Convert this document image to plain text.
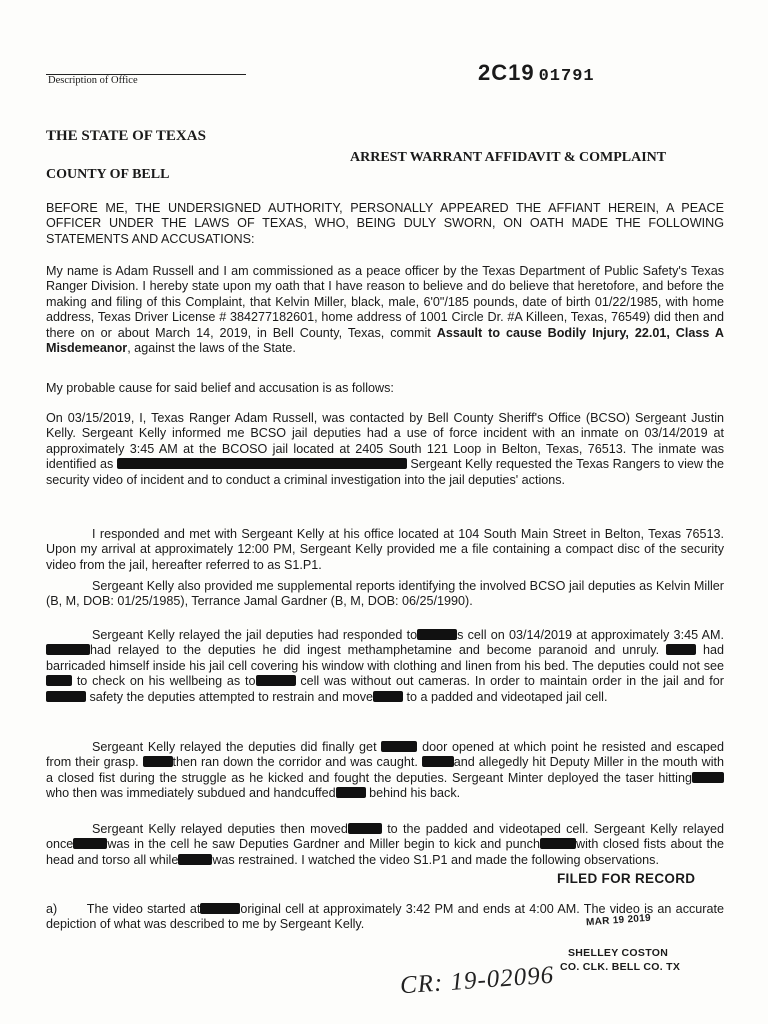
Description of Office	2C19 01791
THE STATE OF TEXAS
ARREST WARRANT AFFIDAVIT & COMPLAINT
COUNTY OF BELL

BEFORE ME, THE UNDERSIGNED AUTHORITY, PERSONALLY APPEARED THE AFFIANT HEREIN, A PEACE OFFICER UNDER THE LAWS OF TEXAS, WHO, BEING DULY SWORN, ON OATH MADE THE FOLLOWING STATEMENTS AND ACCUSATIONS:

My name is Adam Russell and I am commissioned as a peace officer by the Texas Department of Public Safety's Texas Ranger Division. I hereby state upon my oath that I have reason to believe and do believe that heretofore, and before the making and filing of this Complaint, that Kelvin Miller, black, male, 6'0"/185 pounds, date of birth 01/22/1985, with home address, Texas Driver License # 384277182601, home address of 1001 Circle Dr. #A Killeen, Texas, 76549) did then and there on or about March 14, 2019, in Bell County, Texas, commit Assault to cause Bodily Injury, 22.01, Class A Misdemeanor, against the laws of the State.

My probable cause for said belief and accusation is as follows:

On 03/15/2019, I, Texas Ranger Adam Russell, was contacted by Bell County Sheriff's Office (BCSO) Sergeant Justin Kelly. Sergeant Kelly informed me BCSO jail deputies had a use of force incident with an inmate on 03/14/2019 at approximately 3:45 AM at the BCOSO jail located at 2405 South 121 Loop in Belton, Texas, 76513. The inmate was identified as	Sergeant Kelly requested the Texas Rangers to view the security video of incident and to conduct a criminal investigation into the jail deputies' actions.

I responded and met with Sergeant Kelly at his office located at 104 South Main Street in Belton, Texas 76513. Upon my arrival at approximately 12:00 PM, Sergeant Kelly provided me a file containing a compact disc of the security video from the jail, hereafter referred to as S1.P1.

Sergeant Kelly also provided me supplemental reports identifying the involved BCSO jail deputies as Kelvin Miller (B, M, DOB: 01/25/1985), Terrance Jamal Gardner (B, M, DOB: 06/25/1990).

Sergeant Kelly relayed the jail deputies had responded to	s cell on 03/14/2019 at approximately 3:45 AM. had relayed to the deputies he did ingest methamphetamine and become paranoid and unruly.	had barricaded himself inside his jail cell covering his window with clothing and linen from his bed. The deputies could not see  to check on his wellbeing as to	cell was without out cameras. In order to maintain order in the jail and for safety the deputies attempted to restrain and move	to a padded and videotaped jail cell.

Sergeant Kelly relayed the deputies did finally get	door opened at which point he resisted and escaped from their grasp.	then ran down the corridor and was caught.	and allegedly hit Deputy Miller in the mouth with a closed fist during the struggle as he kicked and fought the deputies. Sergeant Minter deployed the taser hitting who then was immediately subdued and handcuffed	behind his back.

Sergeant Kelly relayed deputies then moved	to the padded and videotaped cell. Sergeant Kelly relayed once	was in the cell he saw Deputies Gardner and Miller begin to kick and punch	with closed fists about the head and torso all while	was restrained. I watched the video S1.P1 and made the following observations.

a) The video started at	original cell at approximately 3:42 PM and ends at 4:00 AM. The video is an accurate depiction of what was described to me by Sergeant Kelly.

FILED FOR RECORD
MAR 19 2019
SHELLEY COSTON
CO. CLK. BELL CO. TX
CR: 19-02096
